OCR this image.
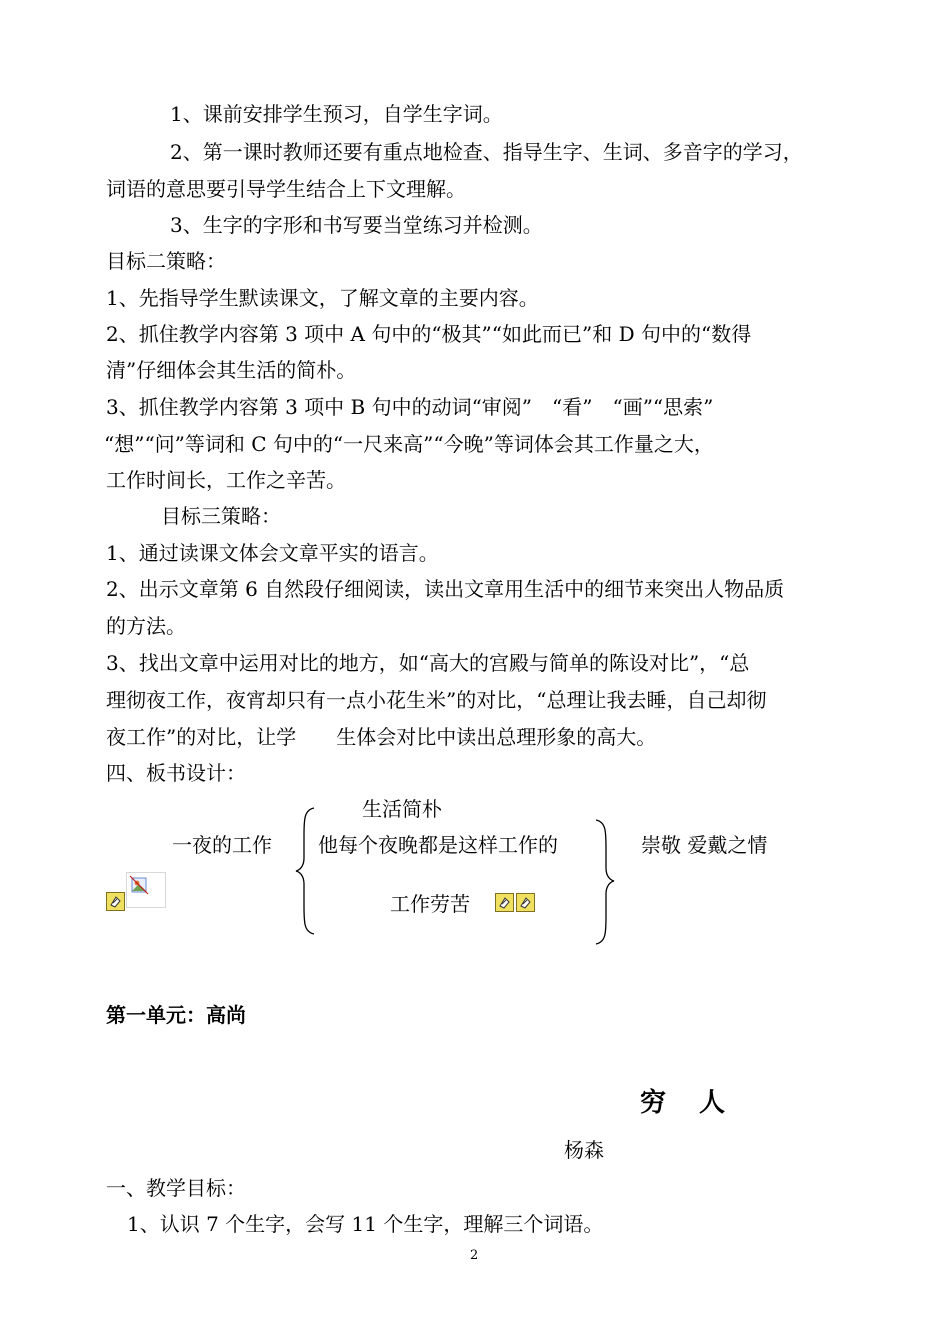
1、课前安排学生预习，自学生字词。
2、第一课时教师还要有重点地检查、指导生字、生词、多音字的学习，
词语的意思要引导学生结合上下文理解。
3、生字的字形和书写要当堂练习并检测。
目标二策略：
1、先指导学生默读课文，了解文章的主要内容。
2、抓住教学内容第 3 项中 A 句中的“极其”“如此而已”和 D 句中的“数得
清”仔细体会其生活的简朴。
3、抓住教学内容第 3 项中 B 句中的动词“审阅”　“看”　“画”“思索”
“想”“问”等词和 C 句中的“一尺来高”“今晚”等词体会其工作量之大，
工作时间长，工作之辛苦。
目标三策略：
1、通过读课文体会文章平实的语言。
2、出示文章第 6 自然段仔细阅读，读出文章用生活中的细节来突出人物品质
的方法。
3、找出文章中运用对比的地方，如“高大的宫殿与简单的陈设对比”，“总
理彻夜工作，夜宵却只有一点小花生米”的对比，“总理让我去睡，自己却彻
夜工作”的对比，让学　　生体会对比中读出总理形象的高大。
四、板书设计：
一夜的工作
生活简朴
他每个夜晚都是这样工作的
工作劳苦
崇敬 爱戴之情
第一单元：高尚
穷 人
杨森
一、教学目标：
1、认识 7 个生字，会写 11 个生字，理解三个词语。
2
